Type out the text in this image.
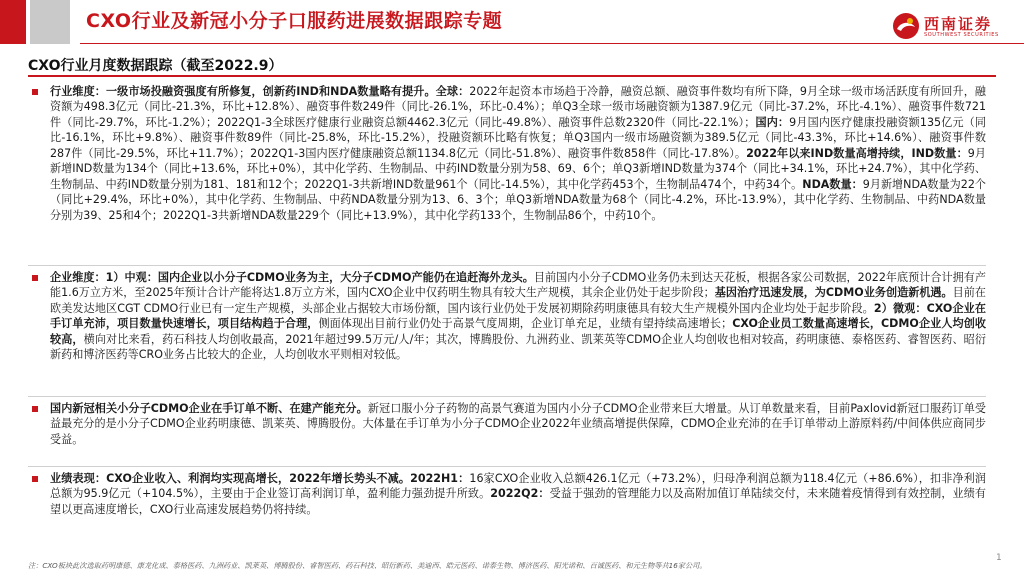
CXO行业及新冠小分子口服药进展数据跟踪专题	西南证券
SOUTHWEST SECURITIES
CXO行业月度数据跟踪（截至2022.9）
行业维度：一级市场投融资强度有所修复，创新药IND和NDA数量略有提升。全球：2022年起资本市场趋于冷静，融资总额、融资事件数均有所下降，9月全球一级市场活跃度有所回升，融资额为498.3亿元（同比-21.3%，环比+12.8%）、融资事件数249件（同比-26.1%，环比-0.4%）；单Q3全球一级市场融资额为1387.9亿元（同比-37.2%，环比-4.1%）、融资事件数721件（同比-29.7%，环比-1.2%）；2022Q1-3全球医疗健康行业融资总额4462.3亿元（同比-49.8%）、融资事件总数2320件（同比-22.1%）；国内：9月国内医疗健康投融资额135亿元（同比-16.1%，环比+9.8%）、融资事件数89件（同比-25.8%，环比-15.2%），投融资额环比略有恢复；单Q3国内一级市场融资额为389.5亿元（同比-43.3%，环比+14.6%）、融资事件数287件（同比-29.5%，环比+11.7%）；2022Q1-3国内医疗健康融资总额1134.8亿元（同比-51.8%）、融资事件数858件（同比-17.8%）。2022年以来IND数量高增持续，IND数量：9月新增IND数量为134个（同比+13.6%，环比+0%），其中化学药、生物制品、中药IND数量分别为58、69、6个；单Q3新增IND数量为374个（同比+34.1%，环比+24.7%），其中化学药、生物制品、中药IND数量分别为181、181和12个；2022Q1-3共新增IND数量961个（同比-14.5%），其中化学药453个，生物制品474个，中药34个。NDA数量：9月新增NDA数量为22个（同比+29.4%，环比+0%），其中化学药、生物制品、中药NDA数量分别为13、6、3个；单Q3新增NDA数量为68个（同比-4.2%，环比-13.9%），其中化学药、生物制品、中药NDA数量分别为39、25和4个；2022Q1-3共新增NDA数量229个（同比+13.9%），其中化学药133个，生物制品86个，中药10个。
企业维度：1）中观：国内企业以小分子CDMO业务为主，大分子CDMO产能仍在追赶海外龙头。目前国内小分子CDMO业务仍未到达天花板，根据各家公司数据，2022年底预计合计拥有产能1.6万立方米，至2025年预计合计产能将达1.8万立方米，国内CXO企业中仅药明生物具有较大生产规模，其余企业仍处于起步阶段；基因治疗迅速发展，为CDMO业务创造新机遇。目前在欧美发达地区CGT CDMO行业已有一定生产规模，头部企业占据较大市场份额，国内该行业仍处于发展初期除药明康德具有较大生产规模外国内企业均处于起步阶段。2）微观：CXO企业在手订单充沛，项目数量快速增长，项目结构趋于合理，侧面体现出目前行业仍处于高景气度周期，企业订单充足，业绩有望持续高速增长；CXO企业员工数量高速增长，CDMO企业人均创收较高，横向对比来看，药石科技人均创收最高，2021年超过99.5万元/人/年；其次，博腾股份、九洲药业、凯莱英等CDMO企业人均创收也相对较高，药明康德、泰格医药、睿智医药、昭衍新药和博济医药等CRO业务占比较大的企业，人均创收水平则相对较低。
国内新冠相关小分子CDMO企业在手订单不断、在建产能充分。新冠口服小分子药物的高景气赛道为国内小分子CDMO企业带来巨大增量。从订单数量来看，目前Paxlovid新冠口服药订单受益最充分的是小分子CDMO企业药明康德、凯莱英、博腾股份。大体量在手订单为小分子CDMO企业2022年业绩高增提供保障，CDMO企业充沛的在手订单带动上游原料药/中间体供应商同步受益。
业绩表现：CXO企业收入、利润均实现高增长，2022年增长势头不减。2022H1：16家CXO企业收入总额426.1亿元（+73.2%），归母净利润总额为118.4亿元（+86.6%），扣非净利润总额为95.9亿元（+104.5%），主要由于企业签订高利润订单，盈利能力强劲提升所致。2022Q2：受益于强劲的管理能力以及高附加值订单陆续交付，未来随着疫情得到有效控制，业绩有望以更高速度增长，CXO行业高速发展趋势仍将持续。
注：CXO板块此次选取药明康德、康龙化成、泰格医药、九洲药业、凯莱英、博腾股份、睿智医药、药石科技、昭衍新药、美迪西、皓元医药、诺泰生物、博济医药、阳光诺和、百诚医药、和元生物等共16家公司。
1
